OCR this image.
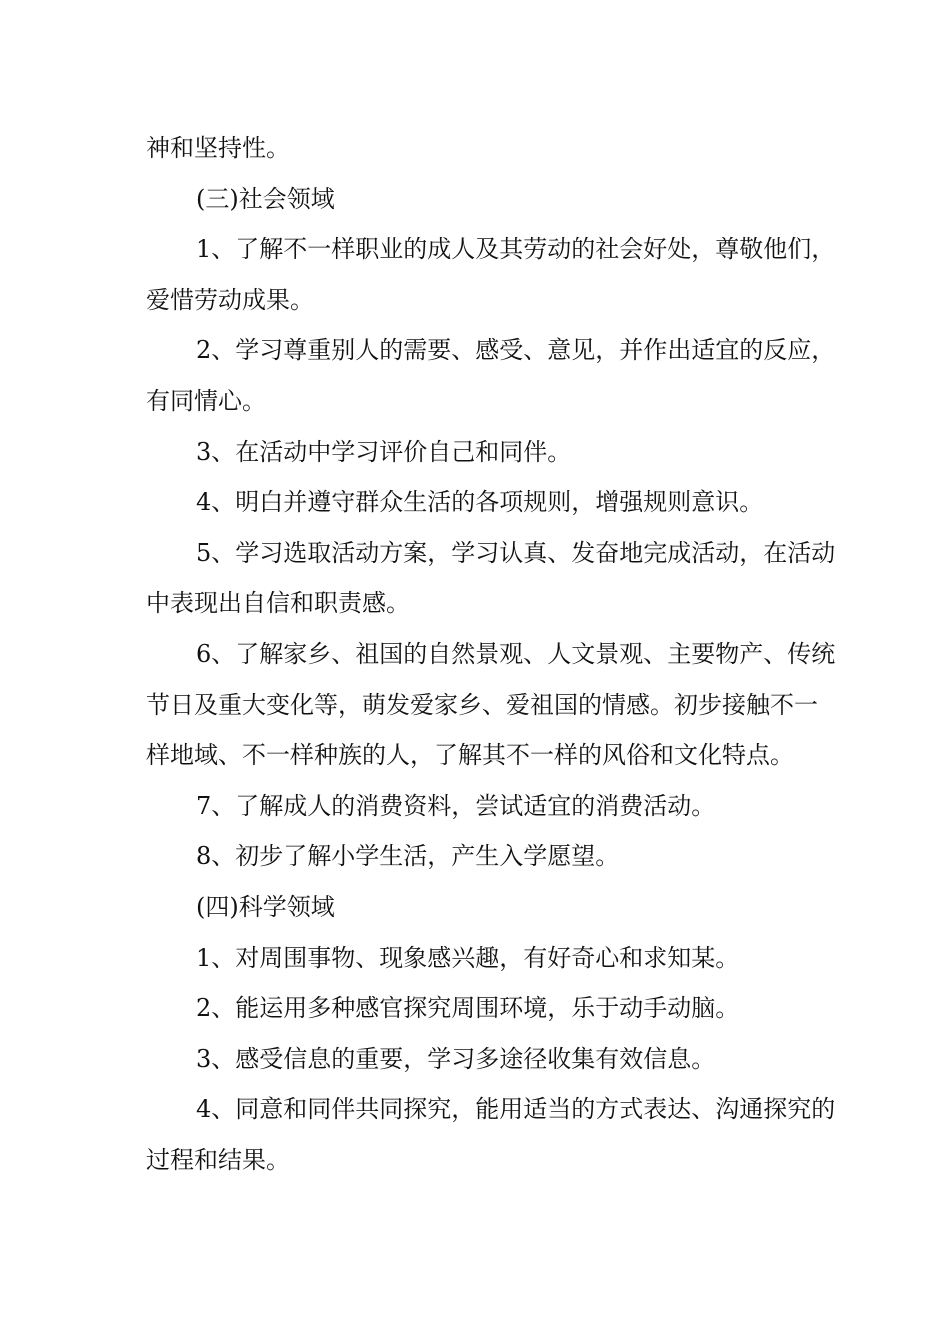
神和坚持性。

(三)社会领域

1、了解不一样职业的成人及其劳动的社会好处，尊敬他们，爱惜劳动成果。

2、学习尊重别人的需要、感受、意见，并作出适宜的反应，有同情心。

3、在活动中学习评价自己和同伴。

4、明白并遵守群众生活的各项规则，增强规则意识。

5、学习选取活动方案，学习认真、发奋地完成活动，在活动中表现出自信和职责感。

6、了解家乡、祖国的自然景观、人文景观、主要物产、传统节日及重大变化等，萌发爱家乡、爱祖国的情感。初步接触不一样地域、不一样种族的人，了解其不一样的风俗和文化特点。

7、了解成人的消费资料，尝试适宜的消费活动。

8、初步了解小学生活，产生入学愿望。

(四)科学领域

1、对周围事物、现象感兴趣，有好奇心和求知某。

2、能运用多种感官探究周围环境，乐于动手动脑。

3、感受信息的重要，学习多途径收集有效信息。

4、同意和同伴共同探究，能用适当的方式表达、沟通探究的过程和结果。
